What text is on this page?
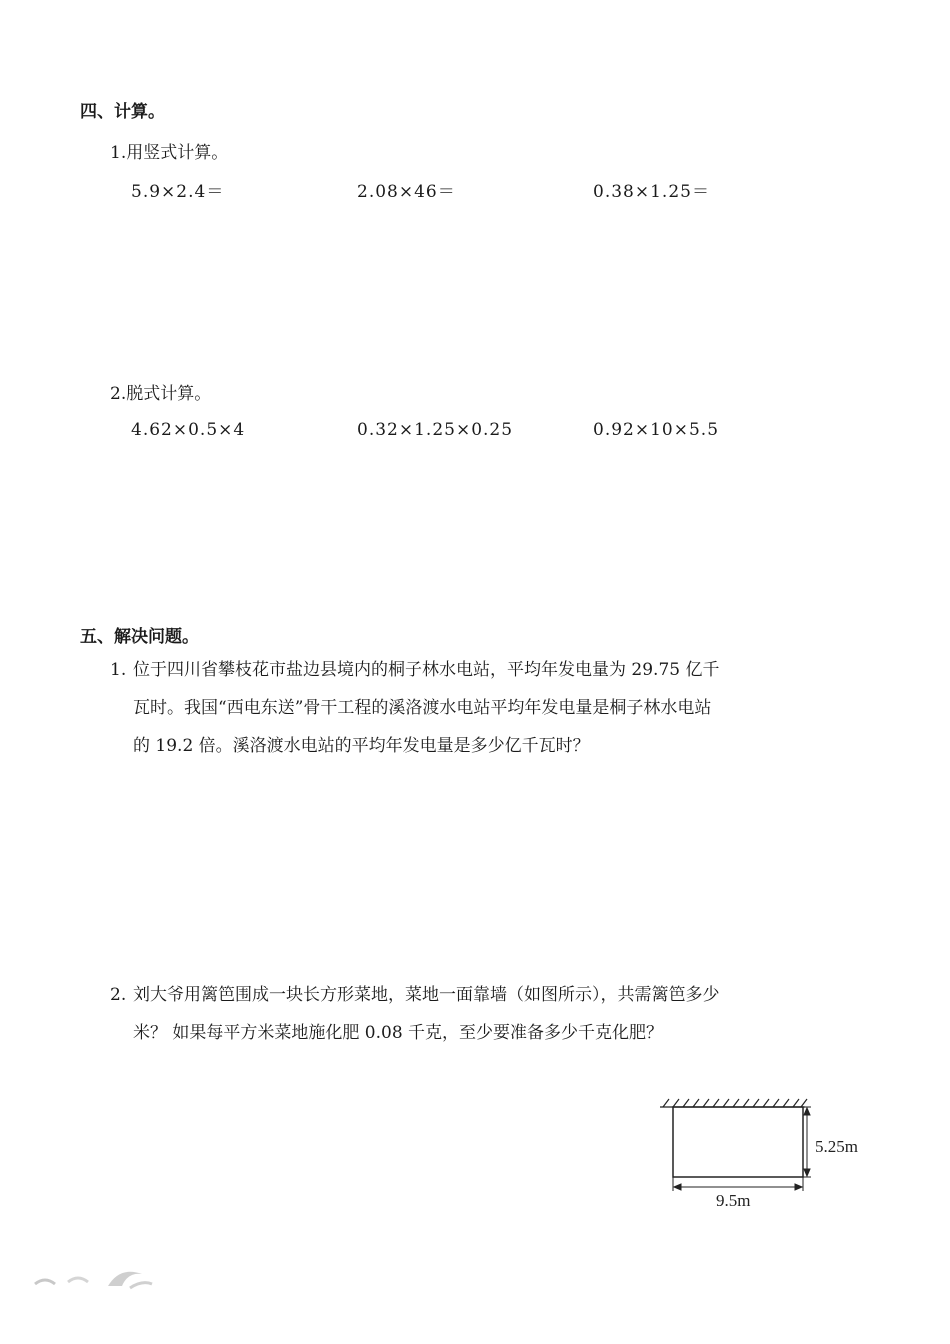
四、计算。
1.用竖式计算。
5.9×2.4＝	2.08×46＝	0.38×1.25＝
2.脱式计算。
4.62×0.5×4	0.32×1.25×0.25	0.92×10×5.5
五、解决问题。
1. 位于四川省攀枝花市盐边县境内的桐子林水电站，平均年发电量为 29.75 亿千
瓦时。我国“西电东送”骨干工程的溪洛渡水电站平均年发电量是桐子林水电站
的 19.2 倍。溪洛渡水电站的平均年发电量是多少亿千瓦时？
2. 刘大爷用篱笆围成一块长方形菜地，菜地一面靠墙（如图所示），共需篱笆多少
米？ 如果每平方米菜地施化肥 0.08 千克，至少要准备多少千克化肥？
5.25m
9.5m
